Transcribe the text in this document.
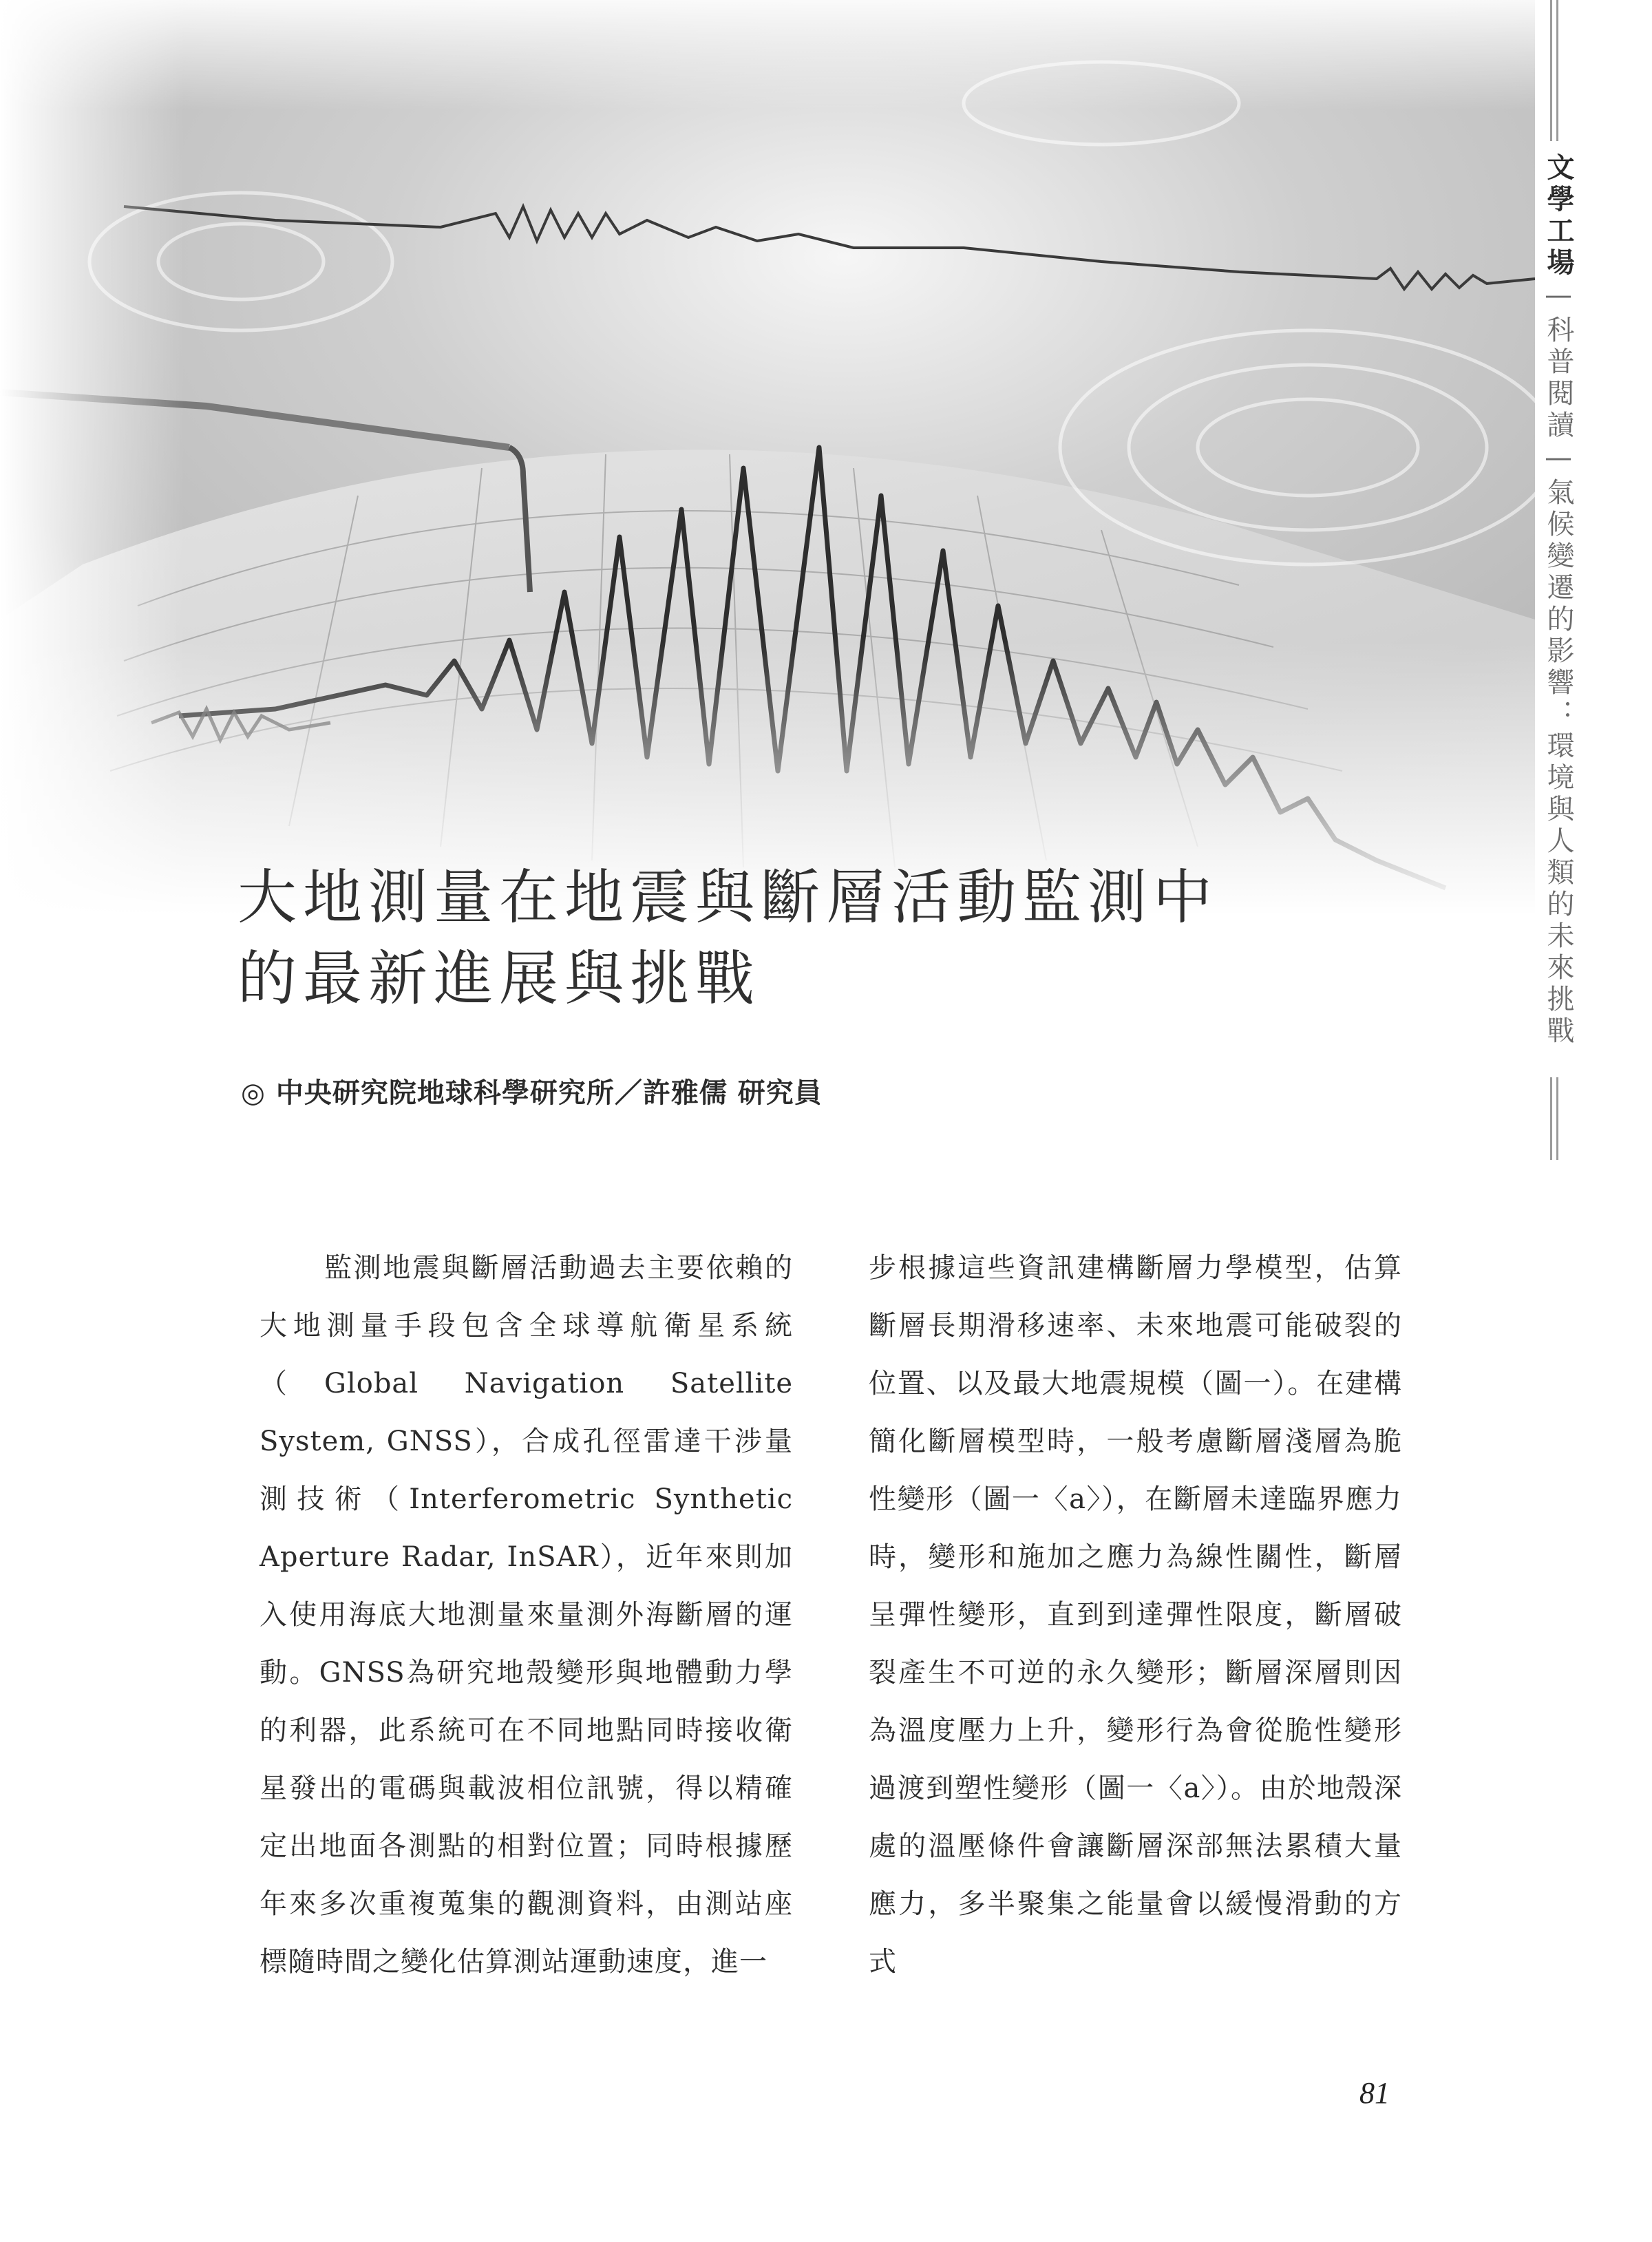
文學工場—科普閱讀—氣候變遷的影響：環境與人類的未來挑戰
大地測量在地震與斷層活動監測中
的最新進展與挑戰
◎ 中央研究院地球科學研究所／許雅儒 研究員

監測地震與斷層活動過去主要依賴的大地測量手段包含全球導航衛星系統（Global Navigation Satellite System, GNSS），合成孔徑雷達干涉量測技術（Interferometric Synthetic Aperture Radar, InSAR），近年來則加入使用海底大地測量來量測外海斷層的運動。GNSS為研究地殼變形與地體動力學的利器，此系統可在不同地點同時接收衛星發出的電碼與載波相位訊號，得以精確定出地面各測點的相對位置；同時根據歷年來多次重複蒐集的觀測資料，由測站座標隨時間之變化估算測站運動速度，進一

步根據這些資訊建構斷層力學模型，估算斷層長期滑移速率、未來地震可能破裂的位置、以及最大地震規模（圖一）。在建構簡化斷層模型時，一般考慮斷層淺層為脆性變形（圖一〈a〉），在斷層未達臨界應力時，變形和施加之應力為線性關性，斷層呈彈性變形，直到到達彈性限度，斷層破裂產生不可逆的永久變形；斷層深層則因為溫度壓力上升，變形行為會從脆性變形過渡到塑性變形（圖一〈a〉）。由於地殼深處的溫壓條件會讓斷層深部無法累積大量應力，多半聚集之能量會以緩慢滑動的方式

81
